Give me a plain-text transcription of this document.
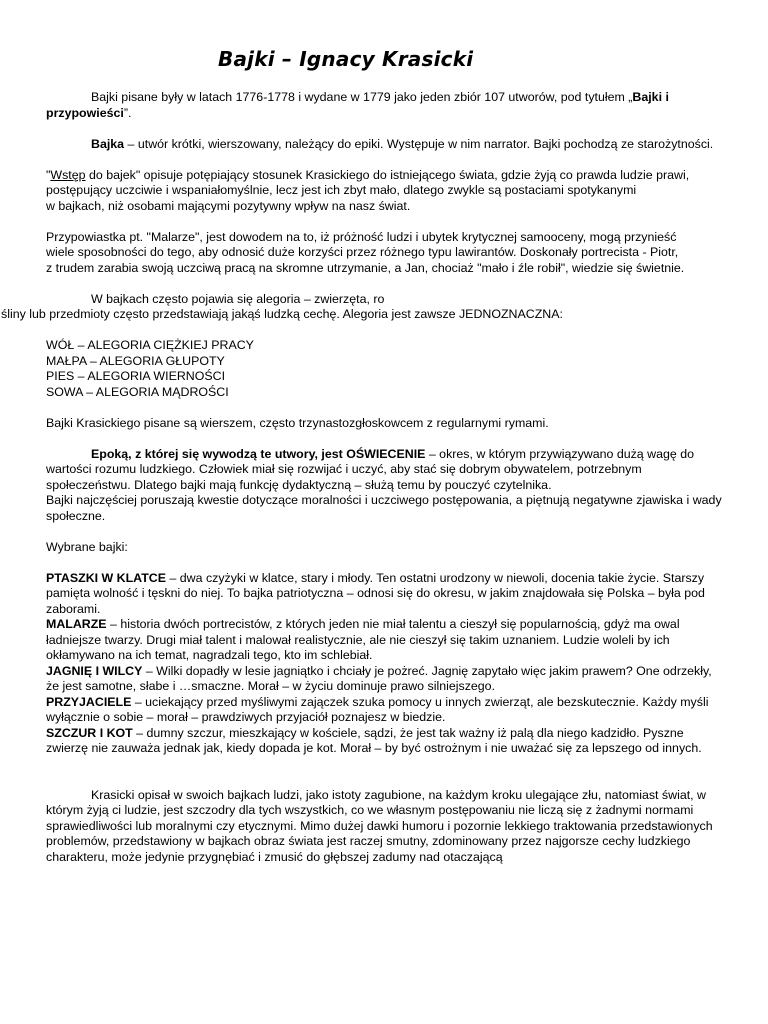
Bajki – Ignacy Krasicki

Bajki pisane były w latach 1776-1778 i wydane w 1779 jako jeden zbiór 107 utworów, pod tytułem „Bajki i przypowieści”.

Bajka – utwór krótki, wierszowany, należący do epiki. Występuje w nim narrator. Bajki pochodzą ze starożytności.

"Wstęp do bajek" opisuje potępiający stosunek Krasickiego do istniejącego świata, gdzie żyją co prawda ludzie prawi,
postępujący uczciwie i wspaniałomyślnie, lecz jest ich zbyt mało, dlatego zwykle są postaciami spotykanymi
w bajkach, niż osobami mającymi pozytywny wpływ na nasz świat.

Przypowiastka pt. "Malarze", jest dowodem na to, iż próżność ludzi i ubytek krytycznej samooceny, mogą przynieść
wiele sposobności do tego, aby odnosić duże korzyści przez różnego typu lawirantów. Doskonały portrecista - Piotr,
z trudem zarabia swoją uczciwą pracą na skromne utrzymanie, a Jan, chociaż "mało i źle robił", wiedzie się świetnie.

W bajkach często pojawia się alegoria – zwierzęta, ro
śliny lub przedmioty często przedstawiają jakąś ludzką cechę. Alegoria jest zawsze JEDNOZNACZNA:

WÓŁ – ALEGORIA CIĘŻKIEJ PRACY

MAŁPA – ALEGORIA GŁUPOTY

PIES – ALEGORIA WIERNOŚCI

SOWA – ALEGORIA MĄDROŚCI

Bajki Krasickiego pisane są wierszem, często trzynastozgłoskowcem z regularnymi rymami.

Epoką, z której się wywodzą te utwory, jest OŚWIECENIE – okres, w którym przywiązywano dużą wagę do wartości rozumu ludzkiego. Człowiek miał się rozwijać i uczyć, aby stać się dobrym obywatelem, potrzebnym społeczeństwu. Dlatego bajki mają funkcję dydaktyczną – służą temu by pouczyć czytelnika.

Bajki najczęściej poruszają kwestie dotyczące moralności i uczciwego postępowania, a piętnują negatywne zjawiska i wady społeczne.

Wybrane bajki:

PTASZKI W KLATCE – dwa czyżyki w klatce, stary i młody. Ten ostatni urodzony w niewoli, docenia takie życie. Starszy pamięta wolność i tęskni do niej. To bajka patriotyczna – odnosi się do okresu, w jakim znajdowała się Polska – była pod zaborami.

MALARZE – historia dwóch portrecistów, z których jeden nie miał talentu a cieszył się popularnością, gdyż ma owal ładniejsze twarzy. Drugi miał talent i malował realistycznie, ale nie cieszył się takim uznaniem. Ludzie woleli by ich okłamywano na ich temat, nagradzali tego, kto im schlebiał.

JAGNIĘ I WILCY – Wilki dopadły w lesie jagniątko i chciały je pożreć. Jagnię zapytało więc jakim prawem? One odrzekły, że jest samotne, słabe i …smaczne. Morał – w życiu dominuje prawo silniejszego.

PRZYJACIELE – uciekający przed myśliwymi zajączek szuka pomocy u innych zwierząt, ale bezskutecznie. Każdy myśli wyłącznie o sobie – morał – prawdziwych przyjaciół poznajesz w biedzie.

SZCZUR I KOT – dumny szczur, mieszkający w kościele, sądzi, że jest tak ważny iż palą dla niego kadzidło. Pyszne zwierzę nie zauważa jednak jak, kiedy dopada je kot. Morał – by być ostrożnym i nie uważać się za lepszego od innych.

Krasicki opisał w swoich bajkach ludzi, jako istoty zagubione, na każdym kroku ulegające złu, natomiast świat, w którym żyją ci ludzie, jest szczodry dla tych wszystkich, co we własnym postępowaniu nie liczą się z żadnymi normami sprawiedliwości lub moralnymi czy etycznymi. Mimo dużej dawki humoru i pozornie lekkiego traktowania przedstawionych problemów, przedstawiony w bajkach obraz świata jest raczej smutny, zdominowany przez najgorsze cechy ludzkiego charakteru, może jedynie przygnębiać i zmusić do głębszej zadumy nad otaczającą
